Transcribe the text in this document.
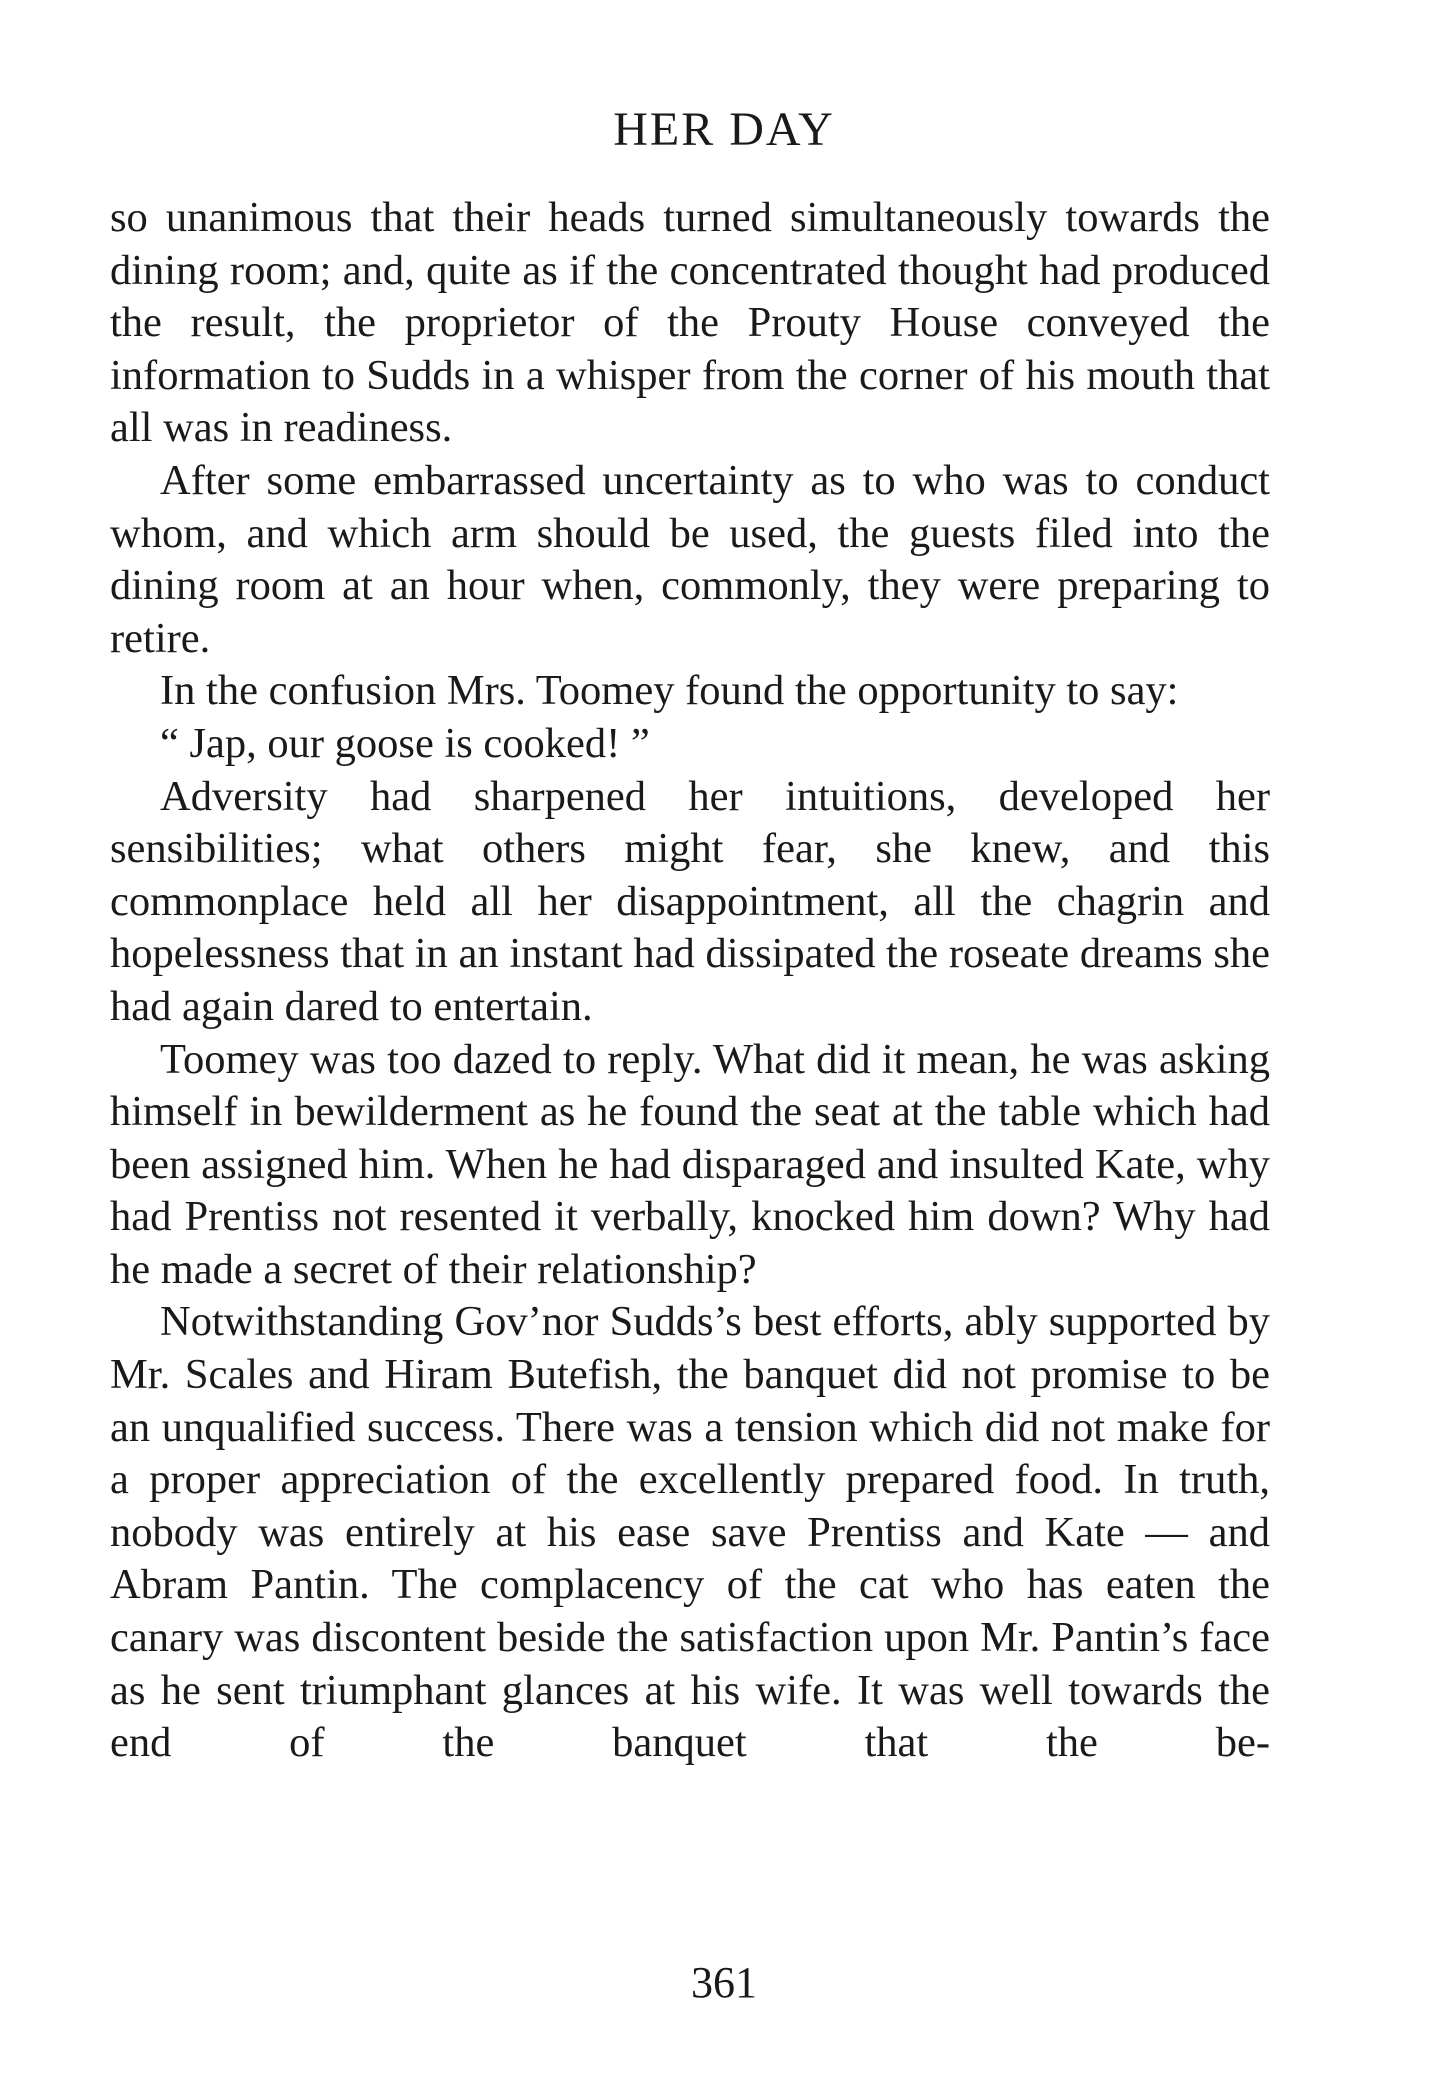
HER DAY

so unanimous that their heads turned simultaneously towards the dining room; and, quite as if the concentrated thought had produced the result, the proprietor of the Prouty House conveyed the information to Sudds in a whisper from the corner of his mouth that all was in readiness.

After some embarrassed uncertainty as to who was to conduct whom, and which arm should be used, the guests filed into the dining room at an hour when, commonly, they were preparing to retire.

In the confusion Mrs. Toomey found the opportunity to say:

“ Jap, our goose is cooked! ”

Adversity had sharpened her intuitions, developed her sensibilities; what others might fear, she knew, and this commonplace held all her disappointment, all the chagrin and hopelessness that in an instant had dissipated the roseate dreams she had again dared to entertain.

Toomey was too dazed to reply. What did it mean, he was asking himself in bewilderment as he found the seat at the table which had been assigned him. When he had disparaged and insulted Kate, why had Prentiss not resented it verbally, knocked him down? Why had he made a secret of their relationship?

Notwithstanding Gov’nor Sudds’s best efforts, ably supported by Mr. Scales and Hiram Butefish, the banquet did not promise to be an unqualified success. There was a tension which did not make for a proper appreciation of the excellently prepared food. In truth, nobody was entirely at his ease save Prentiss and Kate — and Abram Pantin. The complacency of the cat who has eaten the canary was discontent beside the satisfaction upon Mr. Pantin’s face as he sent triumphant glances at his wife. It was well towards the end of the banquet that the be-

361
